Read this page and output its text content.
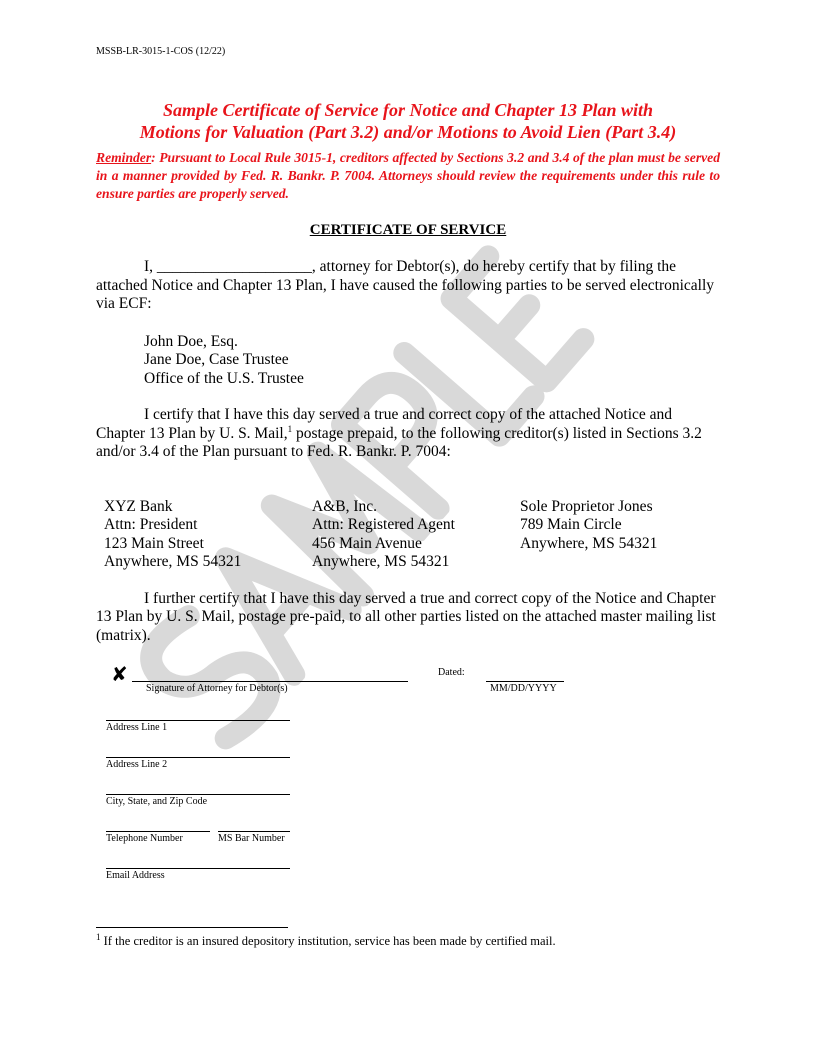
MSSB-LR-3015-1-COS (12/22)
Sample Certificate of Service for Notice and Chapter 13 Plan with
Motions for Valuation (Part 3.2) and/or Motions to Avoid Lien (Part 3.4)
Reminder: Pursuant to Local Rule 3015-1, creditors affected by Sections 3.2 and 3.4 of the plan must be served in a manner provided by Fed. R. Bankr. P. 7004. Attorneys should review the requirements under this rule to ensure parties are properly served.
CERTIFICATE OF SERVICE
I, ____________________, attorney for Debtor(s), do hereby certify that by filing the attached Notice and Chapter 13 Plan, I have caused the following parties to be served electronically via ECF:
John Doe, Esq.
Jane Doe, Case Trustee
Office of the U.S. Trustee
I certify that I have this day served a true and correct copy of the attached Notice and Chapter 13 Plan by U. S. Mail,$^1$ postage prepaid, to the following creditor(s) listed in Sections 3.2 and/or 3.4 of the Plan pursuant to Fed. R. Bankr. P. 7004:
XYZ Bank
Attn: President
123 Main Street
Anywhere, MS 54321
A&B, Inc.
Attn: Registered Agent
456 Main Avenue
Anywhere, MS 54321
Sole Proprietor Jones
789 Main Circle
Anywhere, MS 54321
I further certify that I have this day served a true and correct copy of the Notice and Chapter 13 Plan by U. S. Mail, postage pre-paid, to all other parties listed on the attached master mailing list (matrix).
✘
Signature of Attorney for Debtor(s)
Dated:
MM/DD/YYYY
Address Line 1
Address Line 2
City, State, and Zip Code
Telephone Number	MS Bar Number
Email Address
$^1$ If the creditor is an insured depository institution, service has been made by certified mail.
